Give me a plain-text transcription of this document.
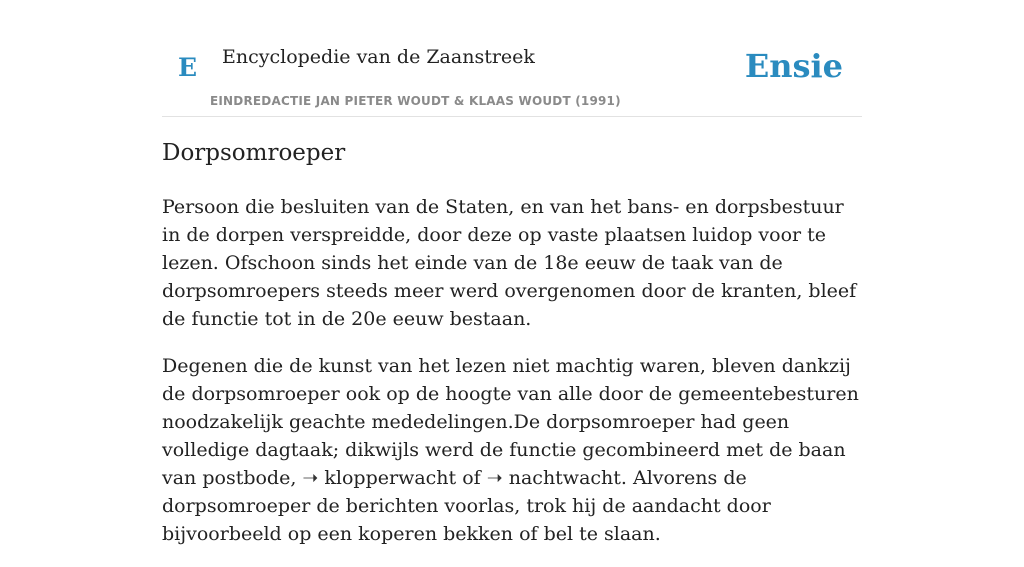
E Encyclopedie van de Zaanstreek
EINDREDACTIE JAN PIETER WOUDT & KLAAS WOUDT (1991)
Ensie
Dorpsomroeper

Persoon die besluiten van de Staten, en van het bans- en dorpsbestuur in de dorpen verspreidde, door deze op vaste plaatsen luidop voor te lezen. Ofschoon sinds het einde van de 18e eeuw de taak van de dorpsomroepers steeds meer werd overgenomen door de kranten, bleef de functie tot in de 20e eeuw bestaan.

Degenen die de kunst van het lezen niet machtig waren, bleven dankzij de dorpsomroeper ook op de hoogte van alle door de gemeentebesturen noodzakelijk geachte mededelingen.De dorpsomroeper had geen volledige dagtaak; dikwijls werd de functie gecombineerd met de baan van postbode, ➝ klopperwacht of ➝ nachtwacht. Alvorens de dorpsomroeper de berichten voorlas, trok hij de aandacht door bijvoorbeeld op een koperen bekken of bel te slaan.
